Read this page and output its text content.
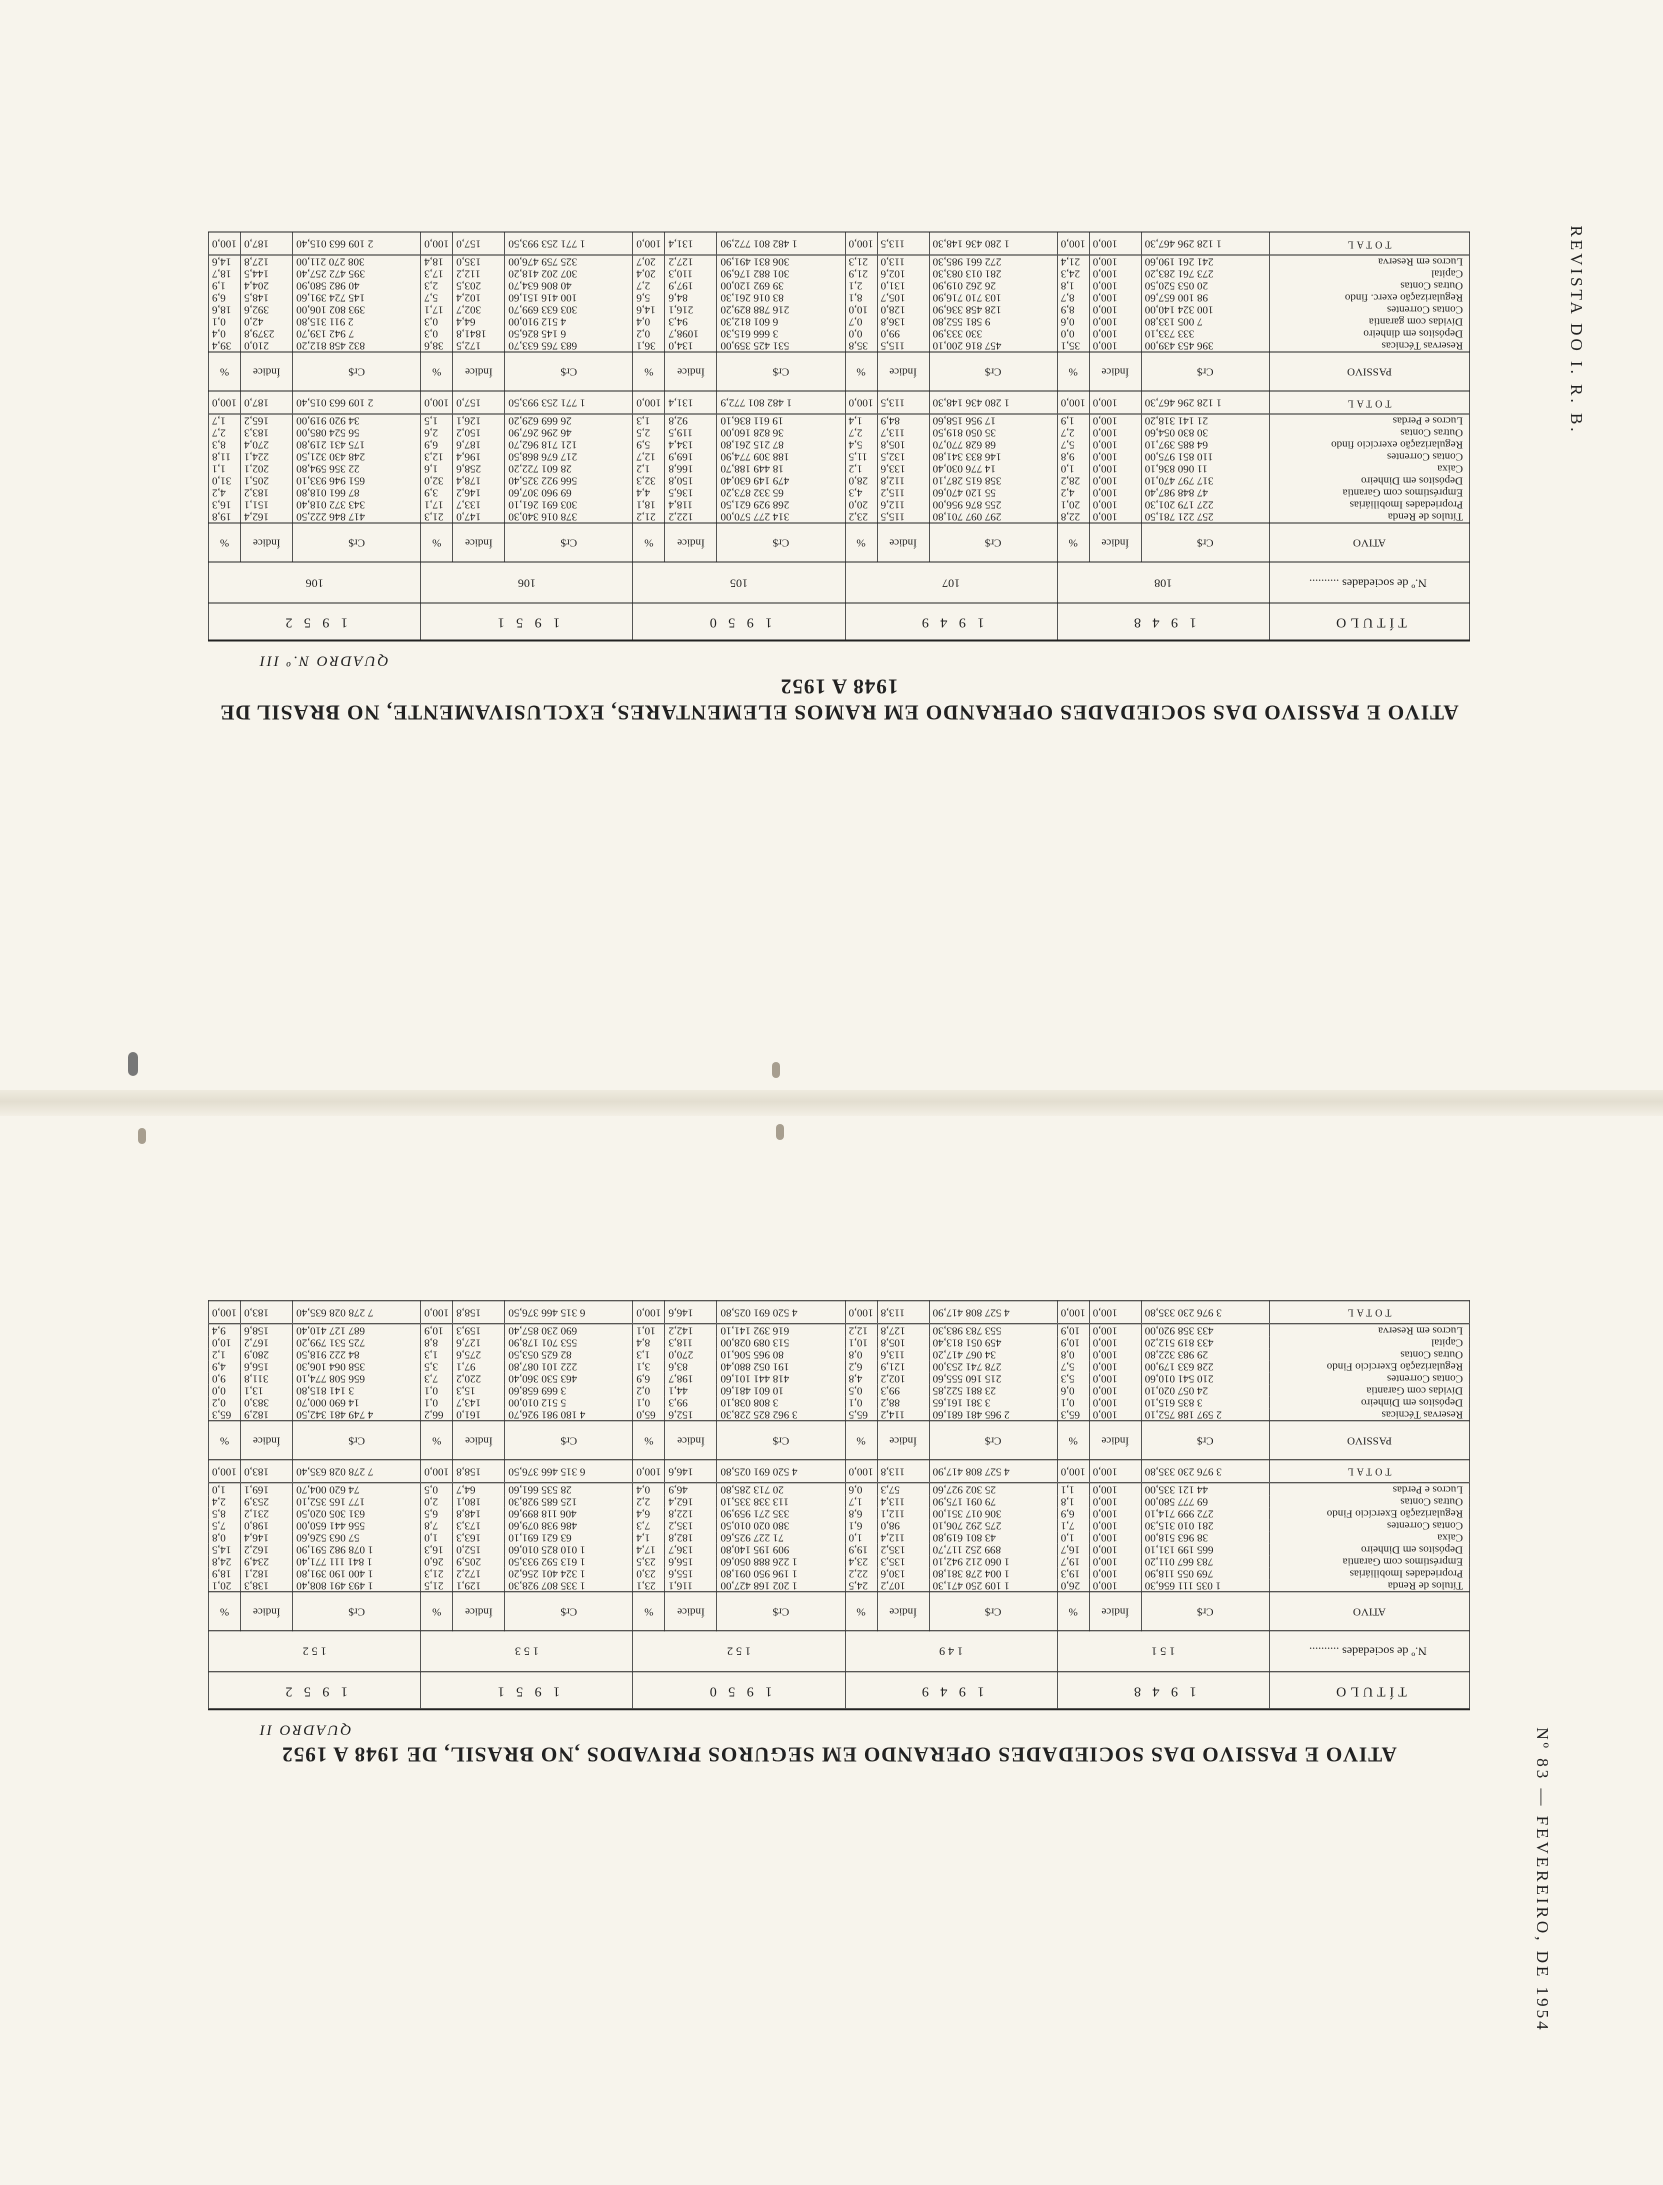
REVISTA DO I. R. B.
Nº 83 — FEVEREIRO, DE 1954
ATIVO E PASSIVO DAS SOCIEDADES OPERANDO EM SEGUROS PRIVADOS ,NO BRASIL, DE 1948 A 1952
QUADRO II
TÍTULO	1 9 4 8			1 9 4 9			1 9 5 0			1 9 5 1			1 9 5 2		
N.º de sociedades ..........	1 5 1			1 4 9			1 5 2			1 5 3			1 5 2		
ATIVO	Cr$	Índice	%	Cr$	Índice	%	Cr$	Índice	%	Cr$	Índice	%	Cr$	Índice	%
Títulos de Renda	1 035 111 656,30	100,0	26,0	1 109 250 471,30	107,2	24,5	1 202 168 427,00	116,1	23,1	1 335 807 928,30	129,1	21,5	1 493 491 808,40	138,3	20,1
Propriedades Imobiliárias	769 055 118,90	100,0	19,3	1 004 278 381,80	130,6	22,2	1 196 950 091,80	155,6	23,0	1 324 401 256,20	172,2	21,3	1 400 190 391,80	182,1	18,9
Empréstimos com Garantia	783 667 011,20	100,0	19,7	1 060 212 942,10	135,3	23,4	1 226 888 050,60	156,6	23,5	1 613 592 933,50	205,9	26,0	1 841 111 771,40	234,9	24,8
Depósitos em Dinheiro	665 199 131,10	100,0	16,7	899 252 117,70	135,2	19,9	909 195 140,80	136,7	17,4	1 010 825 010,60	152,0	16,3	1 078 982 591,90	162,2	14,5
Caixa	38 963 518,00	100,0	1,0	43 801 619,80	112,4	1,0	71 227 925,60	182,8	1,4	63 621 691,10	163,3	1,0	57 063 526,60	146,4	0,8
Contas Correntes	281 010 315,30	100,0	7,1	275 292 706,10	98,0	6,1	380 020 010,50	135,2	7,3	486 938 079,60	173,3	7,8	556 441 650,00	198,0	7,5
Regularização Exercício Findo	272 999 714,10	100,0	6,9	306 017 351,00	112,1	6,8	335 271 959,90	122,8	6,4	406 118 899,60	148,8	6,5	631 305 020,50	231,2	8,5
Outras Contas	69 777 580,00	100,0	1,8	79 091 175,90	113,4	1,7	113 338 335,10	162,4	2,2	125 685 928,30	180,1	2,0	177 165 352,10	253,9	2,4
Lucros e Perdas	44 121 335,00	100,0	1,1	25 302 927,60	57,3	0,6	20 713 285,80	46,9	0,4	28 535 661,60	64,7	0,5	74 620 004,70	169,1	1,0
TOTAL	3 976 230 335,80	100,0	100,0	4 527 808 417,90	113,8	100,0	4 520 691 025,80	146,6	100,0	6 315 466 376,50	158,8	100,0	7 278 028 635,40	183,0	100,0
PASSIVO	Cr$	Índice	%	Cr$	Índice	%	Cr$	Índice	%	Cr$	Índice	%	Cr$	Índice	%
Reservas Técnicas	2 597 188 752,10	100,0	65,3	2 965 481 681,60	114,2	65,5	3 962 825 228,30	152,6	65,0	4 180 981 926,70	161,0	66,2	4 749 481 342,50	182,9	65,3
Depósitos em Dinheiro	3 835 615,10	100,0	0,1	3 381 161,65	88,2	0,1	3 808 038,10	99,3	0,1	5 512 010,00	143,7	0,1	14 690 000,70	383,0	0,2
Dívidas com Garantia	24 057 020,10	100,0	0,6	23 881 522,85	99,3	0,5	10 601 481,60	44,1	0,2	3 669 658,60	15,3	0,1	3 141 815,80	13,1	0,0
Contas Correntes	210 541 010,60	100,0	5,3	215 160 555,60	102,2	4,8	418 441 101,60	198,7	6,9	463 530 360,40	220,2	7,3	656 508 774,10	311,8	9,0
Regularização Exercício Findo	228 633 179,00	100,0	5,7	278 741 253,00	121,9	6,2	191 052 880,40	83,6	3,1	222 101 087,80	97,1	3,5	358 064 106,30	156,6	4,9
Outras Contas	29 983 322,80	100,0	0,8	34 067 417,20	113,6	0,8	80 965 506,10	270,0	1,3	82 625 053,50	275,6	1,3	84 222 918,50	280,9	1,2
Capital	433 819 512,20	100,0	10,9	459 051 813,40	105,8	10,1	513 089 028,00	118,3	8,4	553 701 178,90	127,6	8,8	725 531 799,20	167,2	10,0
Lucros em Reserva	433 358 920,00	100,0	10,9	553 783 983,30	127,8	12,2	616 392 141,10	142,2	10,1	690 230 857,40	159,3	10,9	687 127 410,40	158,6	9,4
TOTAL	3 976 230 335,80	100,0	100,0	4 527 808 417,90	113,8	100,0	4 520 691 025,80	146,6	100,0	6 315 466 376,50	158,8	100,0	7 278 028 635,40	183,0	100,0
ATIVO E PASSIVO DAS SOCIEDADES OPERANDO EM RAMOS ELEMENTARES, EXCLUSIVAMENTE, NO BRASIL DE 1948 A 1952
QUADRO N.º III
TÍTULO	1 9 4 8			1 9 4 9			1 9 5 0			1 9 5 1			1 9 5 2		
N.º de sociedades ..........	108			107			105			106			106		
ATIVO	Cr$	Índice	%	Cr$	Índice	%	Cr$	Índice	%	Cr$	Índice	%	Cr$	Índice	%
Títulos de Renda	257 221 781,50	100,0	22,8	297 097 701,80	115,5	23,2	314 277 570,00	122,2	21,2	378 016 340,30	147,0	21,3	417 846 222,50	162,4	19,8
Propriedades Imobiliárias	227 179 201,30	100,0	20,1	255 876 956,00	112,6	20,0	268 929 621,50	118,4	18,1	303 691 261,10	133,7	17,1	343 372 018,40	151,1	16,3
Empréstimos com Garantia	47 848 987,40	100,0	4,2	55 120 470,60	115,2	4,3	65 332 873,20	136,5	4,4	69 960 307,60	146,2	3,9	87 661 018,80	183,2	4,2
Depósitos em Dinheiro	317 797 470,10	100,0	28,2	358 615 287,10	112,8	28,0	479 149 630,40	150,8	32,3	566 922 325,40	178,4	32,0	651 946 933,10	205,1	31,0
Caixa	11 060 836,10	100,0	1,0	14 776 030,40	133,6	1,2	18 449 188,70	166,8	1,2	28 601 722,20	258,6	1,6	22 356 594,80	202,1	1,1
Contas Correntes	110 851 975,00	100,0	9,8	146 833 341,80	132,5	11,5	188 309 774,90	169,9	12,7	217 676 868,50	196,4	12,3	248 430 321,50	224,1	11,8
Regularização exercício findo	64 885 397,10	100,0	5,7	68 628 770,70	105,8	5,4	87 215 261,80	134,4	5,9	121 718 962,70	187,6	6,9	175 431 219,80	270,4	8,3
Outras Contas	30 830 054,60	100,0	2,7	35 050 819,50	113,7	2,7	36 828 160,00	119,5	2,5	46 296 267,90	150,2	2,6	56 524 085,00	183,3	2,7
Lucros e Perdas	21 141 318,20	100,0	1,9	17 956 158,60	84,9	1,4	19 611 836,10	92,8	1,3	26 669 629,20	126,1	1,5	34 920 919,00	165,2	1,7
TOTAL	1 128 296 467,30	100,0	100,0	1 280 436 148,30	113,5	100,0	1 482 801 772,9	131,4	100,0	1 771 253 993,50	157,0	100,0	2 109 663 015,40	187,0	100,0
PASSIVO	Cr$	Índice	%	Cr$	Índice	%	Cr$	Índice	%	Cr$	Índice	%	Cr$	Índice	%
Reservas Técnicas	396 453 439,00	100,0	35,1	457 816 200,10	115,5	35,8	531 425 359,00	134,0	36,1	683 765 633,70	172,5	38,6	832 458 812,20	210,0	39,4
Depósitos em dinheiro	333 733,10	100,0	0,0	330 333,90	99,0	0,0	3 666 615,30	1098,7	0,2	6 145 826,50	1841,8	0,3	7 942 139,70	2379,8	0,4
Dívidas com garantia	7 005 133,80	100,0	0,6	9 581 552,80	136,8	0,7	6 601 812,30	94,3	0,4	4 512 910,00	64,4	0,3	2 911 315,80	42,0	0,1
Contas Correntes	100 324 140,00	100,0	8,9	128 458 336,90	128,0	10,0	216 788 829,20	216,1	14,6	303 633 699,70	302,7	17,1	393 802 106,00	392,6	18,6
Regularização exerc. findo	98 100 657,60	100,0	8,7	103 710 716,90	105,7	8,1	83 016 261,30	84,6	5,6	100 416 151,60	102,4	5,7	145 724 391,60	148,5	6,9
Outras Contas	20 053 520,50	100,0	1,8	26 262 019,90	131,0	2,1	39 692 120,00	197,9	2,7	40 806 634,70	203,5	2,3	40 982 580,90	204,4	1,9
Capital	273 761 283,20	100,0	24,3	281 013 083,30	102,6	21,9	301 882 176,90	110,3	20,4	307 202 418,20	112,2	17,3	395 472 257,40	144,5	18,7
Lucros em Reserva	241 261 190,60	100,0	21,4	272 661 985,30	113,0	21,3	306 831 491,90	127,2	20,7	325 759 476,00	135,0	18,4	308 270 211,00	127,8	14,6
TOTAL	1 128 296 467,30	100,0	100,0	1 280 436 148,30	113,5	100,0	1 482 801 772,90	131,4	100,0	1 771 253 993,50	157,0	100,0	2 109 663 015,40	187,0	100,0
